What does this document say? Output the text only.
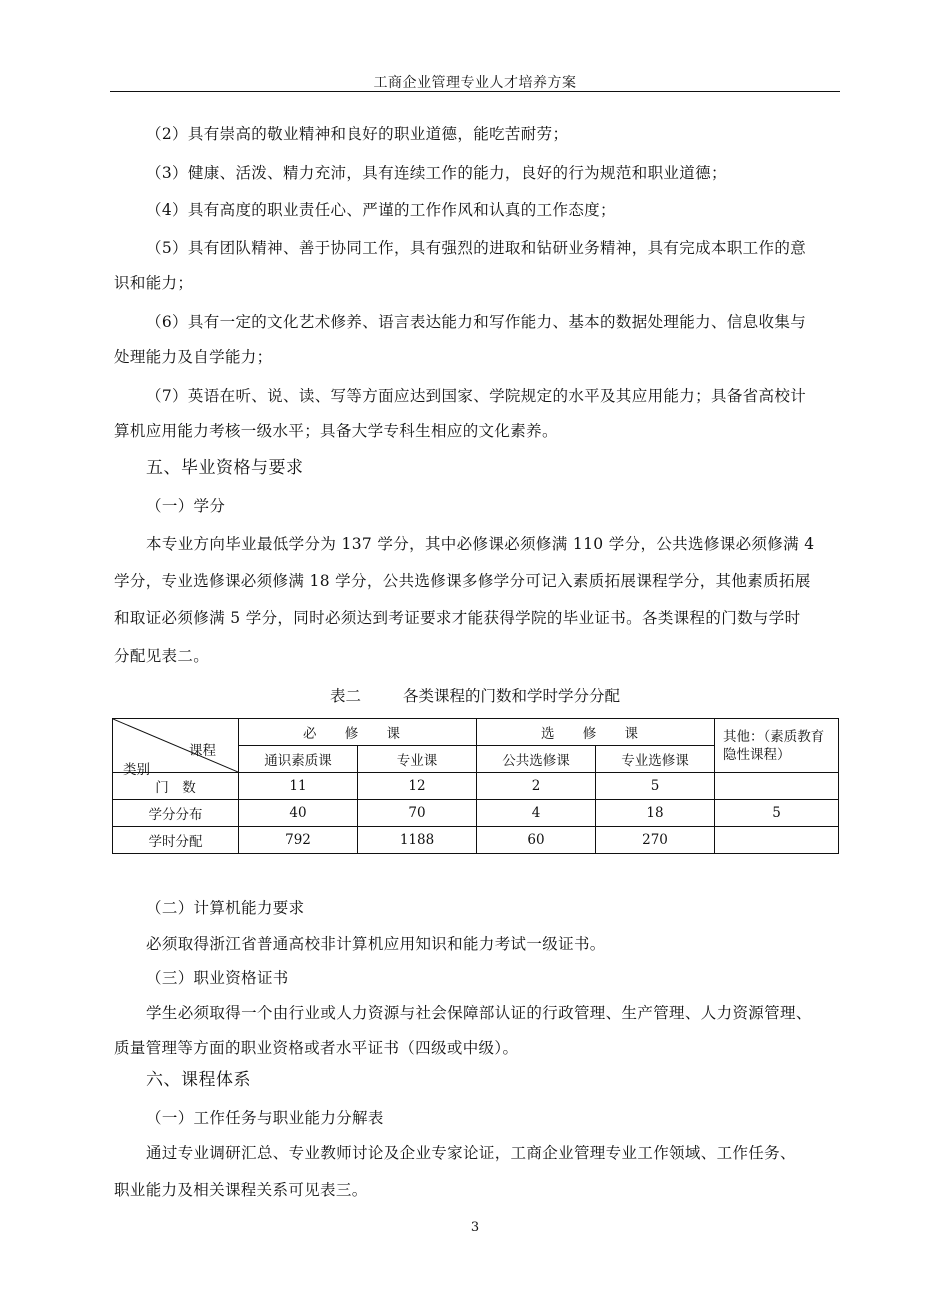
工商企业管理专业人才培养方案
（2）具有崇高的敬业精神和良好的职业道德，能吃苦耐劳；
（3）健康、活泼、精力充沛，具有连续工作的能力，良好的行为规范和职业道德；
（4）具有高度的职业责任心、严谨的工作作风和认真的工作态度；
（5）具有团队精神、善于协同工作，具有强烈的进取和钻研业务精神，具有完成本职工作的意
识和能力；
（6）具有一定的文化艺术修养、语言表达能力和写作能力、基本的数据处理能力、信息收集与
处理能力及自学能力；
（7）英语在听、说、读、写等方面应达到国家、学院规定的水平及其应用能力；具备省高校计
算机应用能力考核一级水平；具备大学专科生相应的文化素养。
五、毕业资格与要求
（一）学分
本专业方向毕业最低学分为 137 学分，其中必修课必须修满 110 学分，公共选修课必须修满 4
学分，专业选修课必须修满 18 学分，公共选修课多修学分可记入素质拓展课程学分，其他素质拓展
和取证必须修满 5 学分，同时必须达到考证要求才能获得学院的毕业证书。各类课程的门数与学时
分配见表二。
表二	各类课程的门数和学时学分分配
课程
类别	必 修 课		选 修 课		其他：（素质教育隐性课程）
	通识素质课	专业课	公共选修课	专业选修课	
门　数	11	12	2	5	
学分分布	40	70	4	18	5
学时分配	792	1188	60	270	
（二）计算机能力要求
必须取得浙江省普通高校非计算机应用知识和能力考试一级证书。
（三）职业资格证书
学生必须取得一个由行业或人力资源与社会保障部认证的行政管理、生产管理、人力资源管理、
质量管理等方面的职业资格或者水平证书（四级或中级）。
六、课程体系
（一）工作任务与职业能力分解表
通过专业调研汇总、专业教师讨论及企业专家论证，工商企业管理专业工作领域、工作任务、
职业能力及相关课程关系可见表三。
3
